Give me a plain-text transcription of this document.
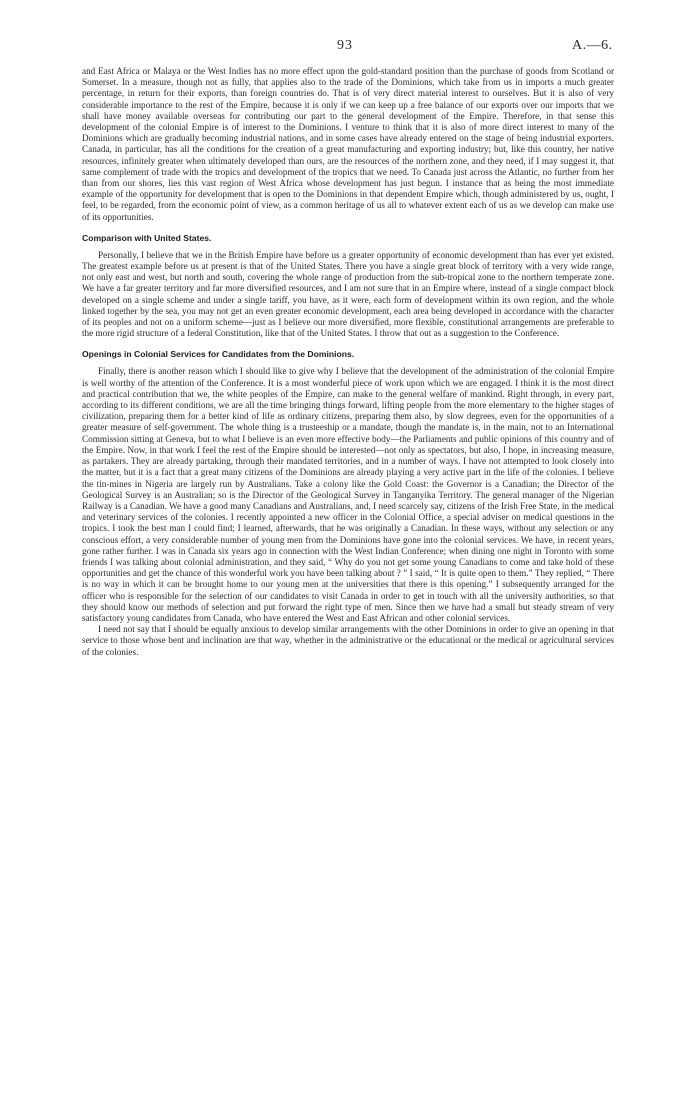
93	A.—6.

and East Africa or Malaya or the West Indies has no more effect upon the gold-standard position than the purchase of goods from Scotland or Somerset. In a measure, though not as fully, that applies also to the trade of the Dominions, which take from us in imports a much greater percentage, in return for their exports, than foreign countries do. That is of very direct material interest to ourselves. But it is also of very considerable importance to the rest of the Empire, because it is only if we can keep up a free balance of our exports over our imports that we shall have money available overseas for contributing our part to the general development of the Empire. Therefore, in that sense this development of the colonial Empire is of interest to the Dominions. I venture to think that it is also of more direct interest to many of the Dominions which are gradually becoming industrial nations, and in some cases have already entered on the stage of being industrial exporters. Canada, in particular, has all the conditions for the creation of a great manufacturing and exporting industry; but, like this country, her native resources, infinitely greater when ultimately developed than ours, are the resources of the northern zone, and they need, if I may suggest it, that same complement of trade with the tropics and development of the tropics that we need. To Canada just across the Atlantic, no further from her than from our shores, lies this vast region of West Africa whose development has just begun. I instance that as being the most immediate example of the opportunity for development that is open to the Dominions in that dependent Empire which, though administered by us, ought, I feel, to be regarded, from the economic point of view, as a common heritage of us all to whatever extent each of us as we develop can make use of its opportunities.

Comparison with United States.

Personally, I believe that we in the British Empire have before us a greater opportunity of economic development than has ever yet existed. The greatest example before us at present is that of the United States. There you have a single great block of territory with a very wide range, not only east and west, but north and south, covering the whole range of production from the sub-tropical zone to the northern temperate zone. We have a far greater territory and far more diversified resources, and I am not sure that in an Empire where, instead of a single compact block developed on a single scheme and under a single tariff, you have, as it were, each form of development within its own region, and the whole linked together by the sea, you may not get an even greater economic development, each area being developed in accordance with the character of its peoples and not on a uniform scheme—just as I believe our more diversified, more flexible, constitutional arrangements are preferable to the more rigid structure of a federal Constitution, like that of the United States. I throw that out as a suggestion to the Conference.

Openings in Colonial Services for Candidates from the Dominions.

Finally, there is another reason which I should like to give why I believe that the development of the administration of the colonial Empire is well worthy of the attention of the Conference. It is a most wonderful piece of work upon which we are engaged. I think it is the most direct and practical contribution that we, the white peoples of the Empire, can make to the general welfare of mankind. Right through, in every part, according to its different conditions, we are all the time bringing things forward, lifting people from the more elementary to the higher stages of civilization, preparing them for a better kind of life as ordinary citizens, preparing them also, by slow degrees, even for the opportunities of a greater measure of self-government. The whole thing is a trusteeship or a mandate, though the mandate is, in the main, not to an International Commission sitting at Geneva, but to what I believe is an even more effective body—the Parliaments and public opinions of this country and of the Empire. Now, in that work I feel the rest of the Empire should be interested—not only as spectators, but also, I hope, in increasing measure, as partakers. They are already partaking, through their mandated territories, and in a number of ways. I have not attempted to look closely into the matter, but it is a fact that a great many citizens of the Dominions are already playing a very active part in the life of the colonies. I believe the tin-mines in Nigeria are largely run by Australians. Take a colony like the Gold Coast: the Governor is a Canadian; the Director of the Geological Survey is an Australian; so is the Director of the Geological Survey in Tanganyika Territory. The general manager of the Nigerian Railway is a Canadian. We have a good many Canadians and Australians, and, I need scarcely say, citizens of the Irish Free State, in the medical and veterinary services of the colonies. I recently appointed a new officer in the Colonial Office, a special adviser on medical questions in the tropics. I took the best man I could find; I learned, afterwards, that he was originally a Canadian. In these ways, without any selection or any conscious effort, a very considerable number of young men from the Dominions have gone into the colonial services. We have, in recent years, gone rather further. I was in Canada six years ago in connection with the West Indian Conference; when dining one night in Toronto with some friends I was talking about colonial administration, and they said, “ Why do you not get some young Canadians to come and take hold of these opportunities and get the chance of this wonderful work you have been talking about ? ” I said, “ It is quite open to them.” They replied, “ There is no way in which it can be brought home to our young men at the universities that there is this opening.” I subsequently arranged for the officer who is responsible for the selection of our candidates to visit Canada in order to get in touch with all the university authorities, so that they should know our methods of selection and put forward the right type of men. Since then we have had a small but steady stream of very satisfactory young candidates from Canada, who have entered the West and East African and other colonial services.

I need not say that I should be equally anxious to develop similar arrangements with the other Dominions in order to give an opening in that service to those whose bent and inclination are that way, whether in the administrative or the educational or the medical or agricultural services of the colonies.
